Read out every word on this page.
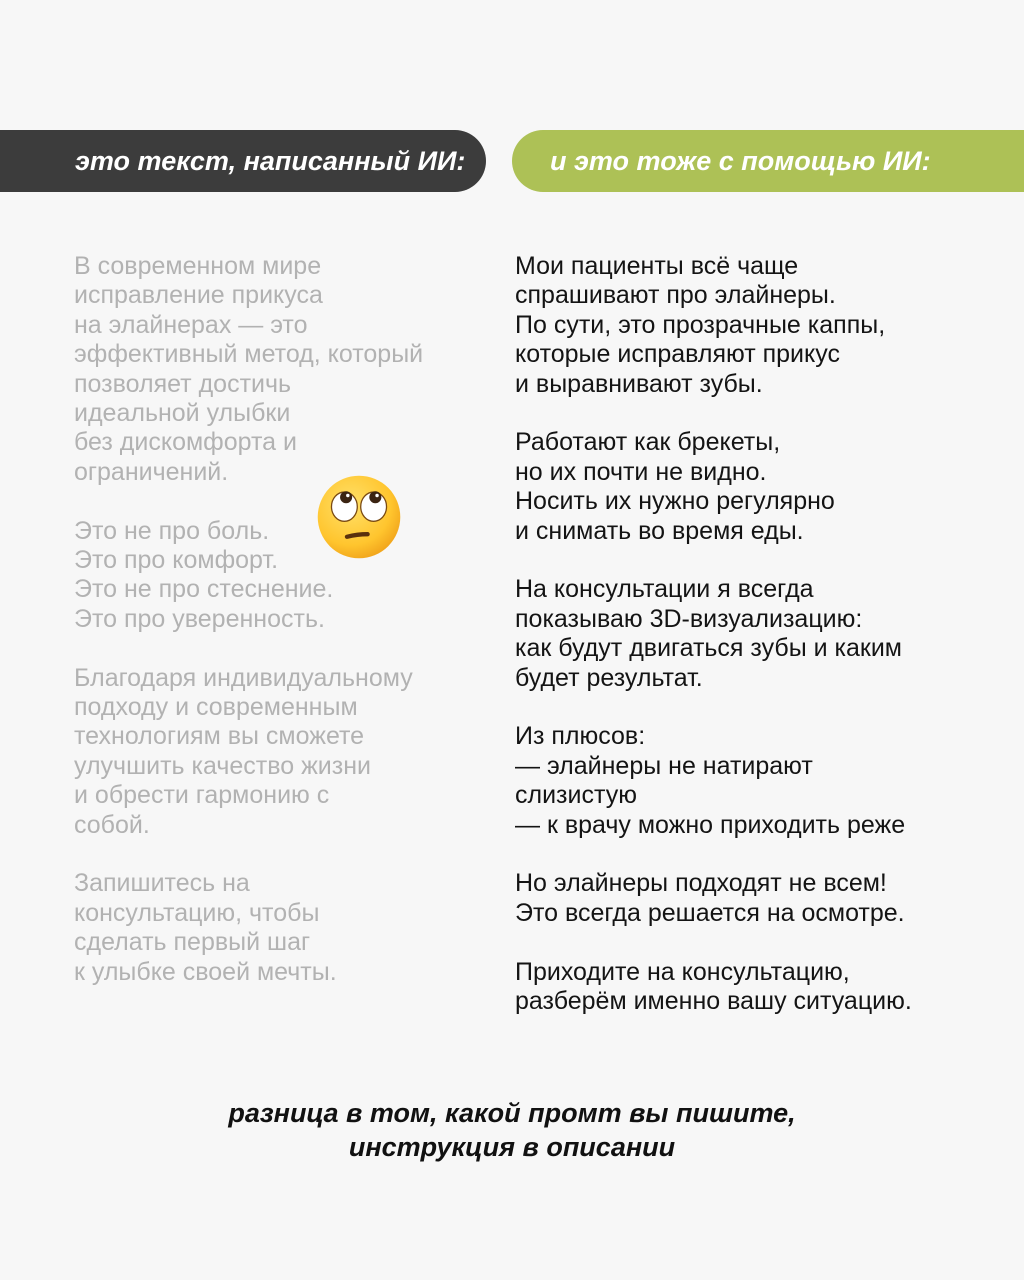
это текст, написанный ИИ:	и это тоже с помощью ИИ:
В современном мире
исправление прикуса
на элайнерах — это
эффективный метод, который
позволяет достичь
идеальной улыбки
без дискомфорта и
ограничений.
Это не про боль.
Это про комфорт.
Это не про стеснение.
Это про уверенность.
Благодаря индивидуальному
подходу и современным
технологиям вы сможете
улучшить качество жизни
и обрести гармонию с
собой.
Запишитесь на
консультацию, чтобы
сделать первый шаг
к улыбке своей мечты.
Мои пациенты всё чаще
спрашивают про элайнеры.
По сути, это прозрачные каппы,
которые исправляют прикус
и выравнивают зубы.
Работают как брекеты,
но их почти не видно.
Носить их нужно регулярно
и снимать во время еды.
На консультации я всегда
показываю 3D-визуализацию:
как будут двигаться зубы и каким
будет результат.
Из плюсов:
— элайнеры не натирают
слизистую
— к врачу можно приходить реже
Но элайнеры подходят не всем!
Это всегда решается на осмотре.
Приходите на консультацию,
разберём именно вашу ситуацию.
разница в том, какой промт вы пишите,
инструкция в описании
